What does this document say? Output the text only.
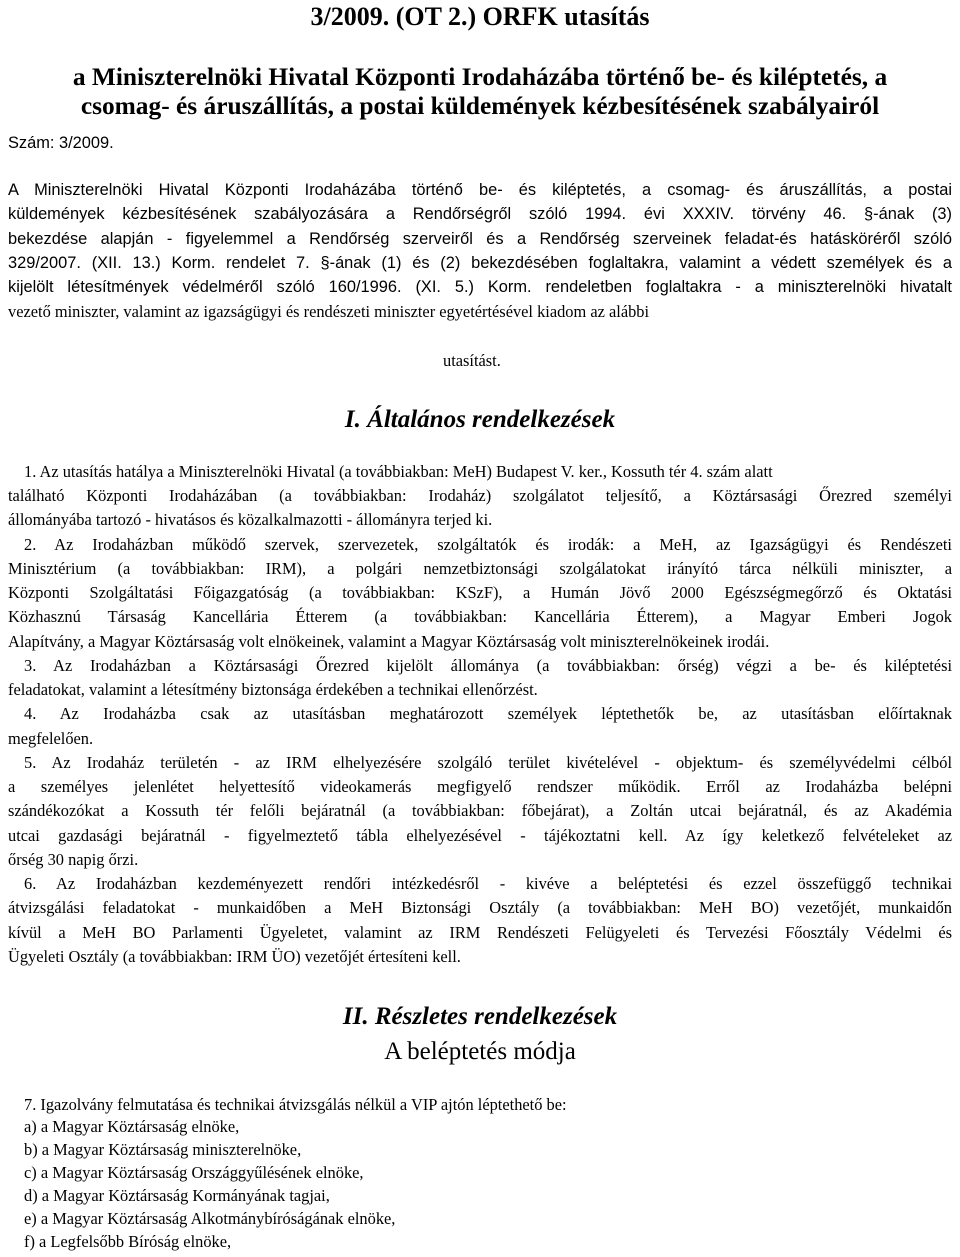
3/2009. (OT 2.) ORFK utasítás
a Miniszterelnöki Hivatal Központi Irodaházába történő be- és kiléptetés, a
csomag- és áruszállítás, a postai küldemények kézbesítésének szabályairól
Szám: 3/2009.
A Miniszterelnöki Hivatal Központi Irodaházába történő be- és kiléptetés, a csomag- és áruszállítás, a postai
küldemények kézbesítésének szabályozására a Rendőrségről szóló 1994. évi XXXIV. törvény 46. §-ának (3)
bekezdése alapján - figyelemmel a Rendőrség szerveiről és a Rendőrség szerveinek feladat-és hatásköréről szóló
329/2007. (XII. 13.) Korm. rendelet 7. §-ának (1) és (2) bekezdésében foglaltakra, valamint a védett személyek és a
kijelölt létesítmények védelméről szóló 160/1996. (XI. 5.) Korm. rendeletben foglaltakra - a miniszterelnöki hivatalt
vezető miniszter, valamint az igazságügyi és rendészeti miniszter egyetértésével kiadom az alábbi
utasítást.
I. Általános rendelkezések
1. Az utasítás hatálya a Miniszterelnöki Hivatal (a továbbiakban: MeH) Budapest V. ker., Kossuth tér 4. szám alatt
található Központi Irodaházában (a továbbiakban: Irodaház) szolgálatot teljesítő, a Köztársasági Őrezred személyi
állományába tartozó - hivatásos és közalkalmazotti - állományra terjed ki.
2. Az Irodaházban működő szervek, szervezetek, szolgáltatók és irodák: a MeH, az Igazságügyi és Rendészeti
Minisztérium (a továbbiakban: IRM), a polgári nemzetbiztonsági szolgálatokat irányító tárca nélküli miniszter, a
Központi Szolgáltatási Főigazgatóság (a továbbiakban: KSzF), a Humán Jövő 2000 Egészségmegőrző és Oktatási
Közhasznú Társaság Kancellária Étterem (a továbbiakban: Kancellária Étterem), a Magyar Emberi Jogok
Alapítvány, a Magyar Köztársaság volt elnökeinek, valamint a Magyar Köztársaság volt miniszterelnökeinek irodái.
3. Az Irodaházban a Köztársasági Őrezred kijelölt állománya (a továbbiakban: őrség) végzi a be- és kiléptetési
feladatokat, valamint a létesítmény biztonsága érdekében a technikai ellenőrzést.
4. Az Irodaházba csak az utasításban meghatározott személyek léptethetők be, az utasításban előírtaknak
megfelelően.
5. Az Irodaház területén - az IRM elhelyezésére szolgáló terület kivételével - objektum- és személyvédelmi célból
a személyes jelenlétet helyettesítő videokamerás megfigyelő rendszer működik. Erről az Irodaházba belépni
szándékozókat a Kossuth tér felőli bejáratnál (a továbbiakban: főbejárat), a Zoltán utcai bejáratnál, és az Akadémia
utcai gazdasági bejáratnál - figyelmeztető tábla elhelyezésével - tájékoztatni kell. Az így keletkező felvételeket az
őrség 30 napig őrzi.
6. Az Irodaházban kezdeményezett rendőri intézkedésről - kivéve a beléptetési és ezzel összefüggő technikai
átvizsgálási feladatokat - munkaidőben a MeH Biztonsági Osztály (a továbbiakban: MeH BO) vezetőjét, munkaidőn
kívül a MeH BO Parlamenti Ügyeletet, valamint az IRM Rendészeti Felügyeleti és Tervezési Főosztály Védelmi és
Ügyeleti Osztály (a továbbiakban: IRM ÜO) vezetőjét értesíteni kell.
II. Részletes rendelkezések
A beléptetés módja
7. Igazolvány felmutatása és technikai átvizsgálás nélkül a VIP ajtón léptethető be:
a) a Magyar Köztársaság elnöke,
b) a Magyar Köztársaság miniszterelnöke,
c) a Magyar Köztársaság Országgyűlésének elnöke,
d) a Magyar Köztársaság Kormányának tagjai,
e) a Magyar Köztársaság Alkotmánybíróságának elnöke,
f) a Legfelsőbb Bíróság elnöke,
